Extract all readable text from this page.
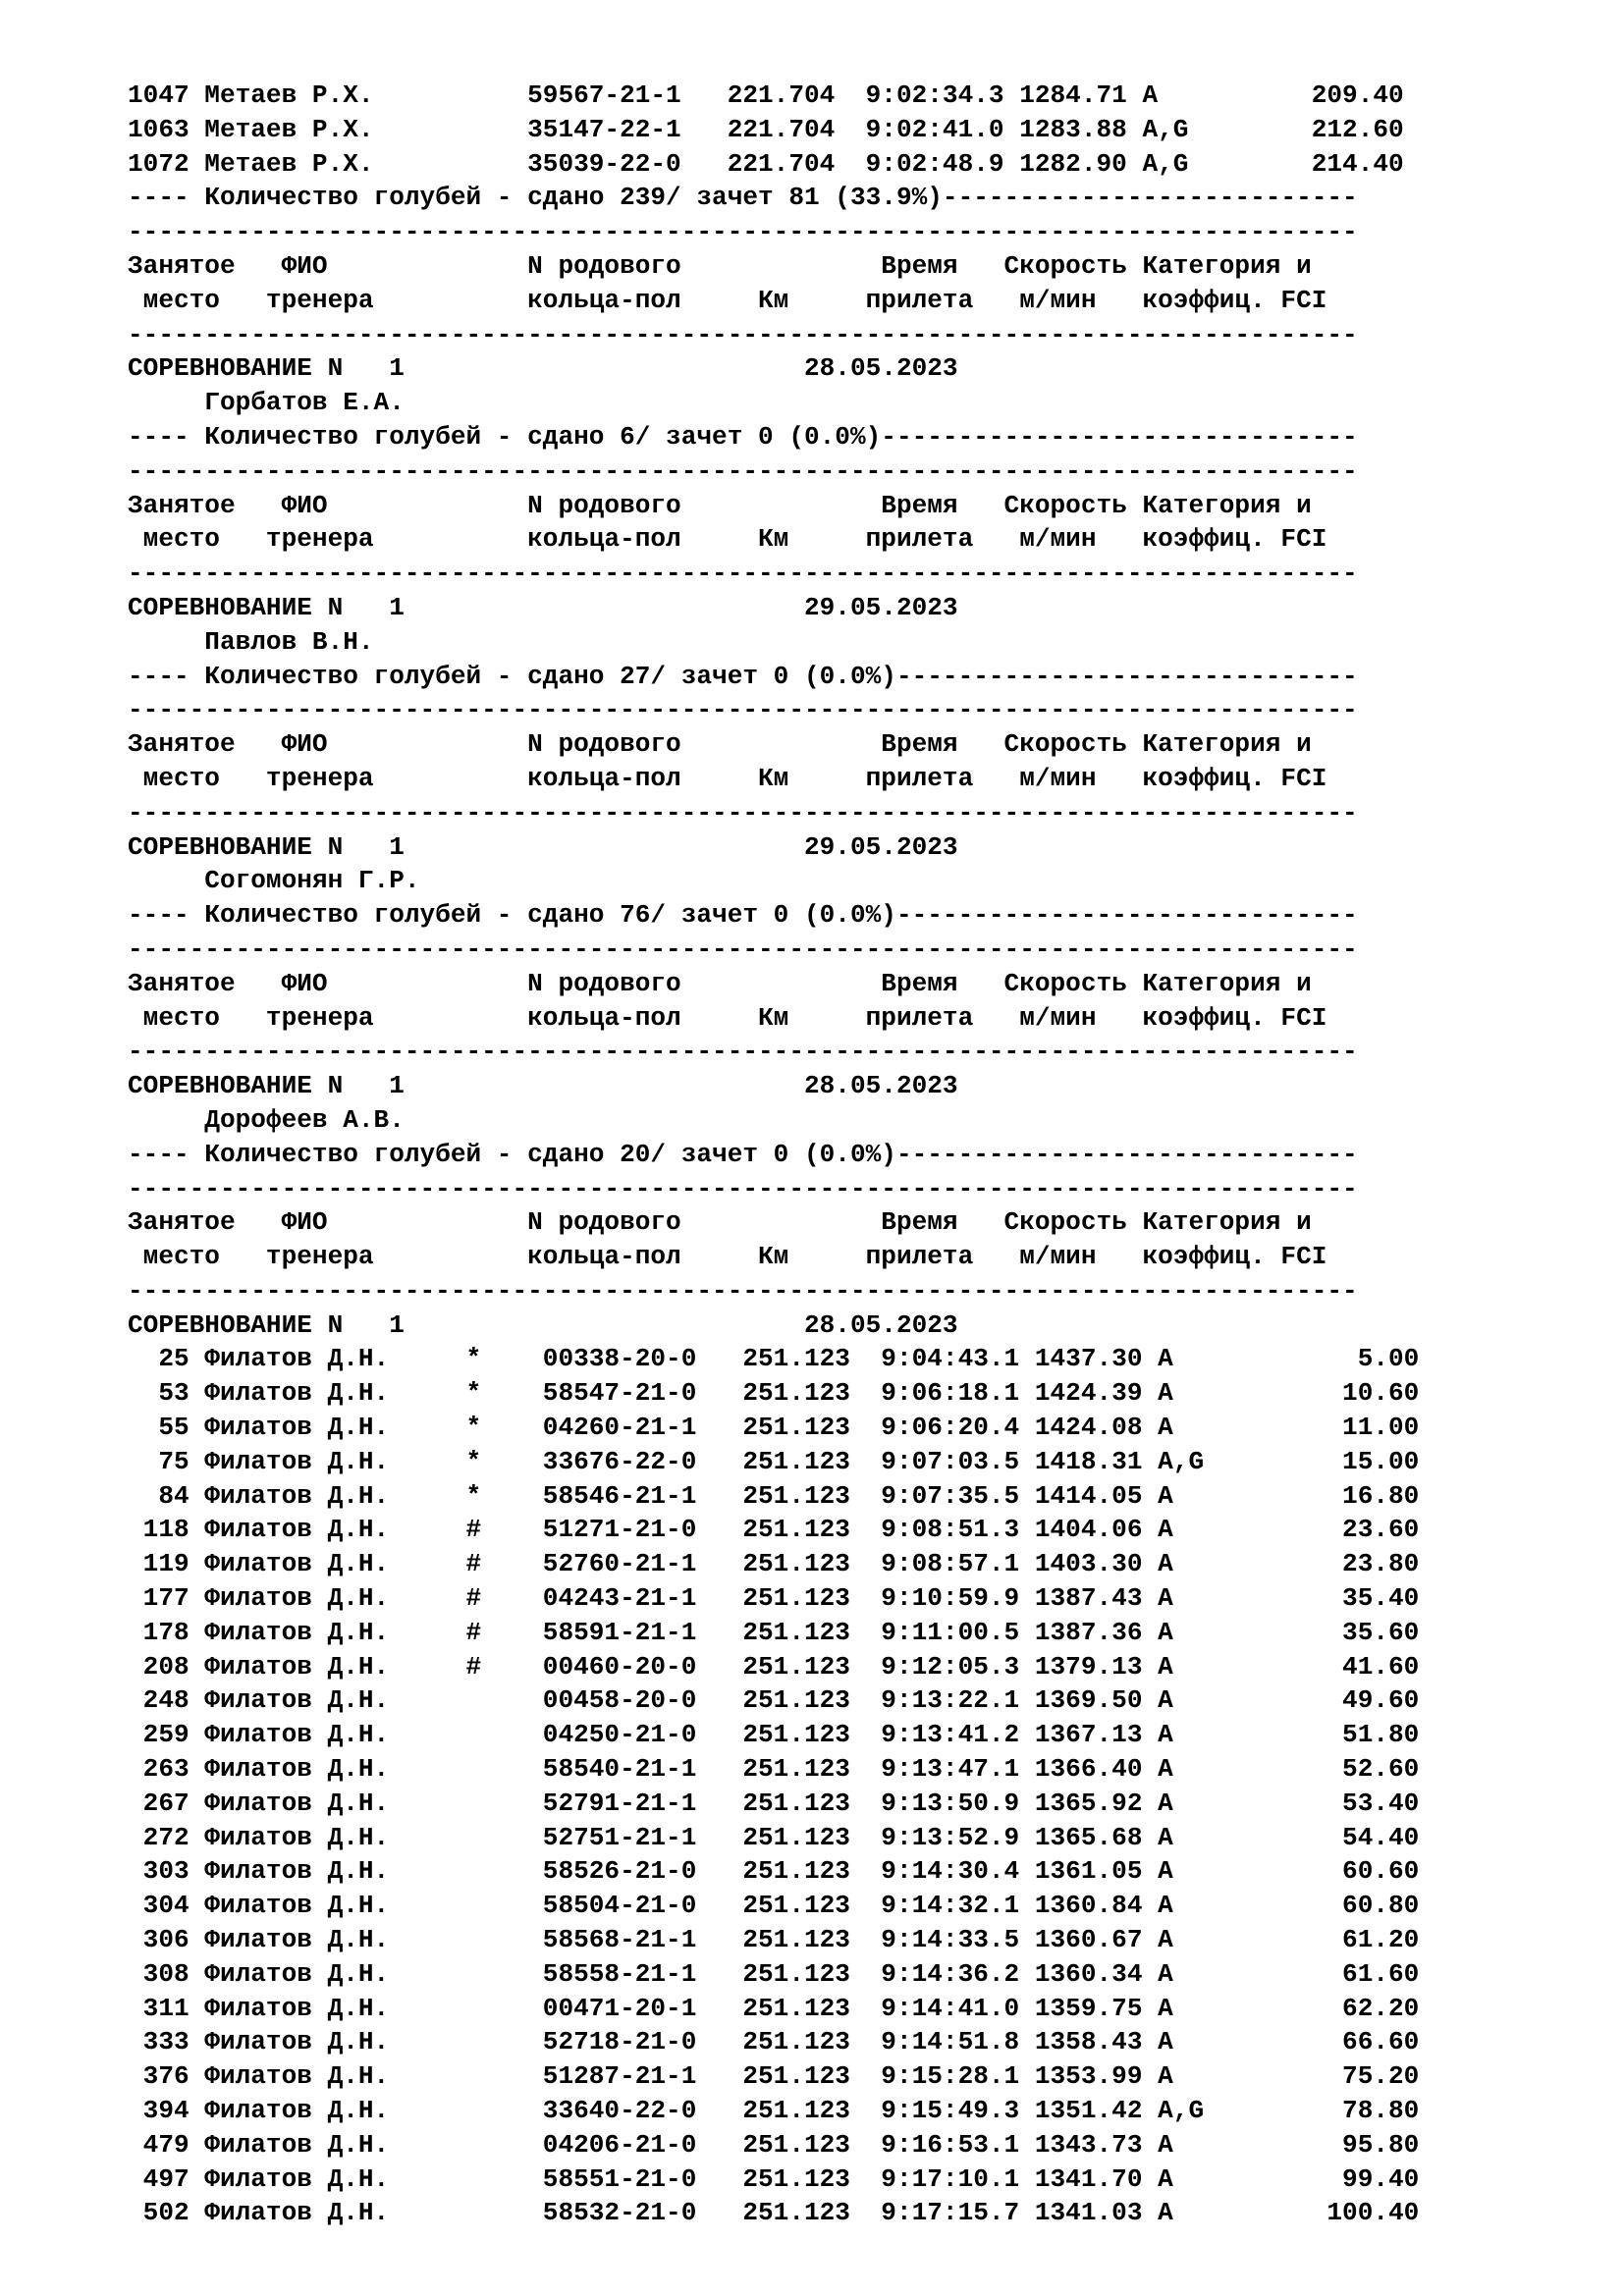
1047 Метаев Р.Х.          59567-21-1   221.704  9:02:34.3 1284.71 A          209.40
1063 Метаев Р.Х.          35147-22-1   221.704  9:02:41.0 1283.88 A,G        212.60
1072 Метаев Р.Х.          35039-22-0   221.704  9:02:48.9 1282.90 A,G        214.40
---- Количество голубей - сдано 239/ зачет 81 (33.9%)---------------------------
--------------------------------------------------------------------------------
Занятое   ФИО             N родового             Время   Скорость Категория и
место   тренера          кольца-пол     Км     прилета   м/мин   коэффиц. FCI
--------------------------------------------------------------------------------
СОРЕВНОВАНИЕ N   1                          28.05.2023
Горбатов Е.А.
---- Количество голубей - сдано 6/ зачет 0 (0.0%)-------------------------------
--------------------------------------------------------------------------------
Занятое   ФИО             N родового             Время   Скорость Категория и
место   тренера          кольца-пол     Км     прилета   м/мин   коэффиц. FCI
--------------------------------------------------------------------------------
СОРЕВНОВАНИЕ N   1                          29.05.2023
Павлов В.Н.
---- Количество голубей - сдано 27/ зачет 0 (0.0%)------------------------------
--------------------------------------------------------------------------------
Занятое   ФИО             N родового             Время   Скорость Категория и
место   тренера          кольца-пол     Км     прилета   м/мин   коэффиц. FCI
--------------------------------------------------------------------------------
СОРЕВНОВАНИЕ N   1                          29.05.2023
Согомонян Г.Р.
---- Количество голубей - сдано 76/ зачет 0 (0.0%)------------------------------
--------------------------------------------------------------------------------
Занятое   ФИО             N родового             Время   Скорость Категория и
место   тренера          кольца-пол     Км     прилета   м/мин   коэффиц. FCI
--------------------------------------------------------------------------------
СОРЕВНОВАНИЕ N   1                          28.05.2023
Дорофеев А.В.
---- Количество голубей - сдано 20/ зачет 0 (0.0%)------------------------------
--------------------------------------------------------------------------------
Занятое   ФИО             N родового             Время   Скорость Категория и
место   тренера          кольца-пол     Км     прилета   м/мин   коэффиц. FCI
--------------------------------------------------------------------------------
СОРЕВНОВАНИЕ N   1                          28.05.2023
25 Филатов Д.Н.     *    00338-20-0   251.123  9:04:43.1 1437.30 A            5.00
53 Филатов Д.Н.     *    58547-21-0   251.123  9:06:18.1 1424.39 A           10.60
55 Филатов Д.Н.     *    04260-21-1   251.123  9:06:20.4 1424.08 A           11.00
75 Филатов Д.Н.     *    33676-22-0   251.123  9:07:03.5 1418.31 A,G         15.00
84 Филатов Д.Н.     *    58546-21-1   251.123  9:07:35.5 1414.05 A           16.80
118 Филатов Д.Н.     #    51271-21-0   251.123  9:08:51.3 1404.06 A           23.60
119 Филатов Д.Н.     #    52760-21-1   251.123  9:08:57.1 1403.30 A           23.80
177 Филатов Д.Н.     #    04243-21-1   251.123  9:10:59.9 1387.43 A           35.40
178 Филатов Д.Н.     #    58591-21-1   251.123  9:11:00.5 1387.36 A           35.60
208 Филатов Д.Н.     #    00460-20-0   251.123  9:12:05.3 1379.13 A           41.60
248 Филатов Д.Н.          00458-20-0   251.123  9:13:22.1 1369.50 A           49.60
259 Филатов Д.Н.          04250-21-0   251.123  9:13:41.2 1367.13 A           51.80
263 Филатов Д.Н.          58540-21-1   251.123  9:13:47.1 1366.40 A           52.60
267 Филатов Д.Н.          52791-21-1   251.123  9:13:50.9 1365.92 A           53.40
272 Филатов Д.Н.          52751-21-1   251.123  9:13:52.9 1365.68 A           54.40
303 Филатов Д.Н.          58526-21-0   251.123  9:14:30.4 1361.05 A           60.60
304 Филатов Д.Н.          58504-21-0   251.123  9:14:32.1 1360.84 A           60.80
306 Филатов Д.Н.          58568-21-1   251.123  9:14:33.5 1360.67 A           61.20
308 Филатов Д.Н.          58558-21-1   251.123  9:14:36.2 1360.34 A           61.60
311 Филатов Д.Н.          00471-20-1   251.123  9:14:41.0 1359.75 A           62.20
333 Филатов Д.Н.          52718-21-0   251.123  9:14:51.8 1358.43 A           66.60
376 Филатов Д.Н.          51287-21-1   251.123  9:15:28.1 1353.99 A           75.20
394 Филатов Д.Н.          33640-22-0   251.123  9:15:49.3 1351.42 A,G         78.80
479 Филатов Д.Н.          04206-21-0   251.123  9:16:53.1 1343.73 A           95.80
497 Филатов Д.Н.          58551-21-0   251.123  9:17:10.1 1341.70 A           99.40
502 Филатов Д.Н.          58532-21-0   251.123  9:17:15.7 1341.03 A          100.40
